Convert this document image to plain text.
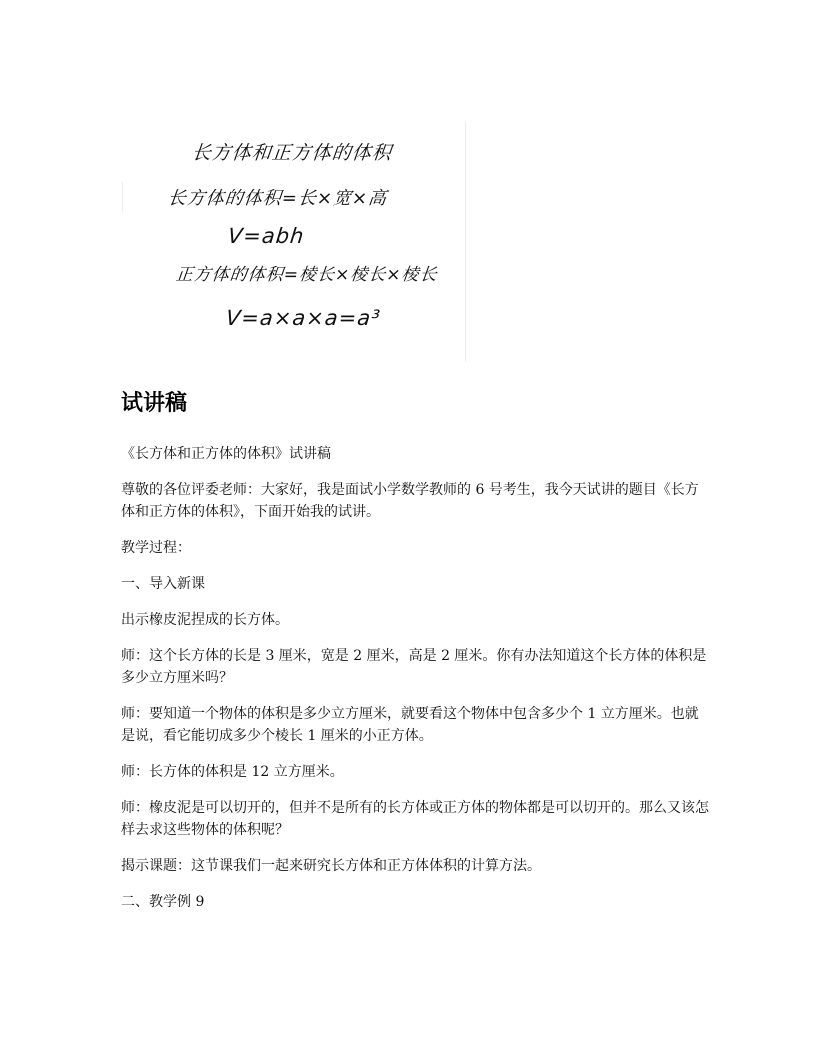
长方体和正方体的体积
长方体的体积=长×宽×高
V=abh
正方体的体积=棱长×棱长×棱长
V=a×a×a=a³
试讲稿

《长方体和正方体的体积》试讲稿

尊敬的各位评委老师：大家好，我是面试小学数学教师的 6 号考生，我今天试讲的题目《长方体和正方体的体积》，下面开始我的试讲。

教学过程：

一、导入新课

出示橡皮泥捏成的长方体。

师：这个长方体的长是 3 厘米，宽是 2 厘米，高是 2 厘米。你有办法知道这个长方体的体积是多少立方厘米吗？

师：要知道一个物体的体积是多少立方厘米，就要看这个物体中包含多少个 1 立方厘米。也就是说，看它能切成多少个棱长 1 厘米的小正方体。

师：长方体的体积是 12 立方厘米。

师：橡皮泥是可以切开的，但并不是所有的长方体或正方体的物体都是可以切开的。那么又该怎样去求这些物体的体积呢？

揭示课题：这节课我们一起来研究长方体和正方体体积的计算方法。

二、教学例 9
